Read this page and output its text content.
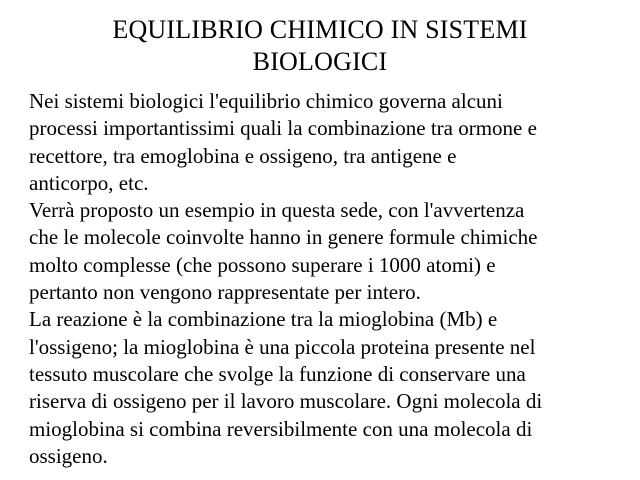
EQUILIBRIO CHIMICO IN SISTEMI
BIOLOGICI
Nei sistemi biologici l'equilibrio chimico governa alcuni
processi importantissimi quali la combinazione tra ormone e
recettore, tra emoglobina e ossigeno, tra antigene e
anticorpo, etc.
Verrà proposto un esempio in questa sede, con l'avvertenza
che le molecole coinvolte hanno in genere formule chimiche
molto complesse (che possono superare i 1000 atomi) e
pertanto non vengono rappresentate per intero.
La reazione è la combinazione tra la mioglobina (Mb) e
l'ossigeno; la mioglobina è una piccola proteina presente nel
tessuto muscolare che svolge la funzione di conservare una
riserva di ossigeno per il lavoro muscolare. Ogni molecola di
mioglobina si combina reversibilmente con una molecola di
ossigeno.
